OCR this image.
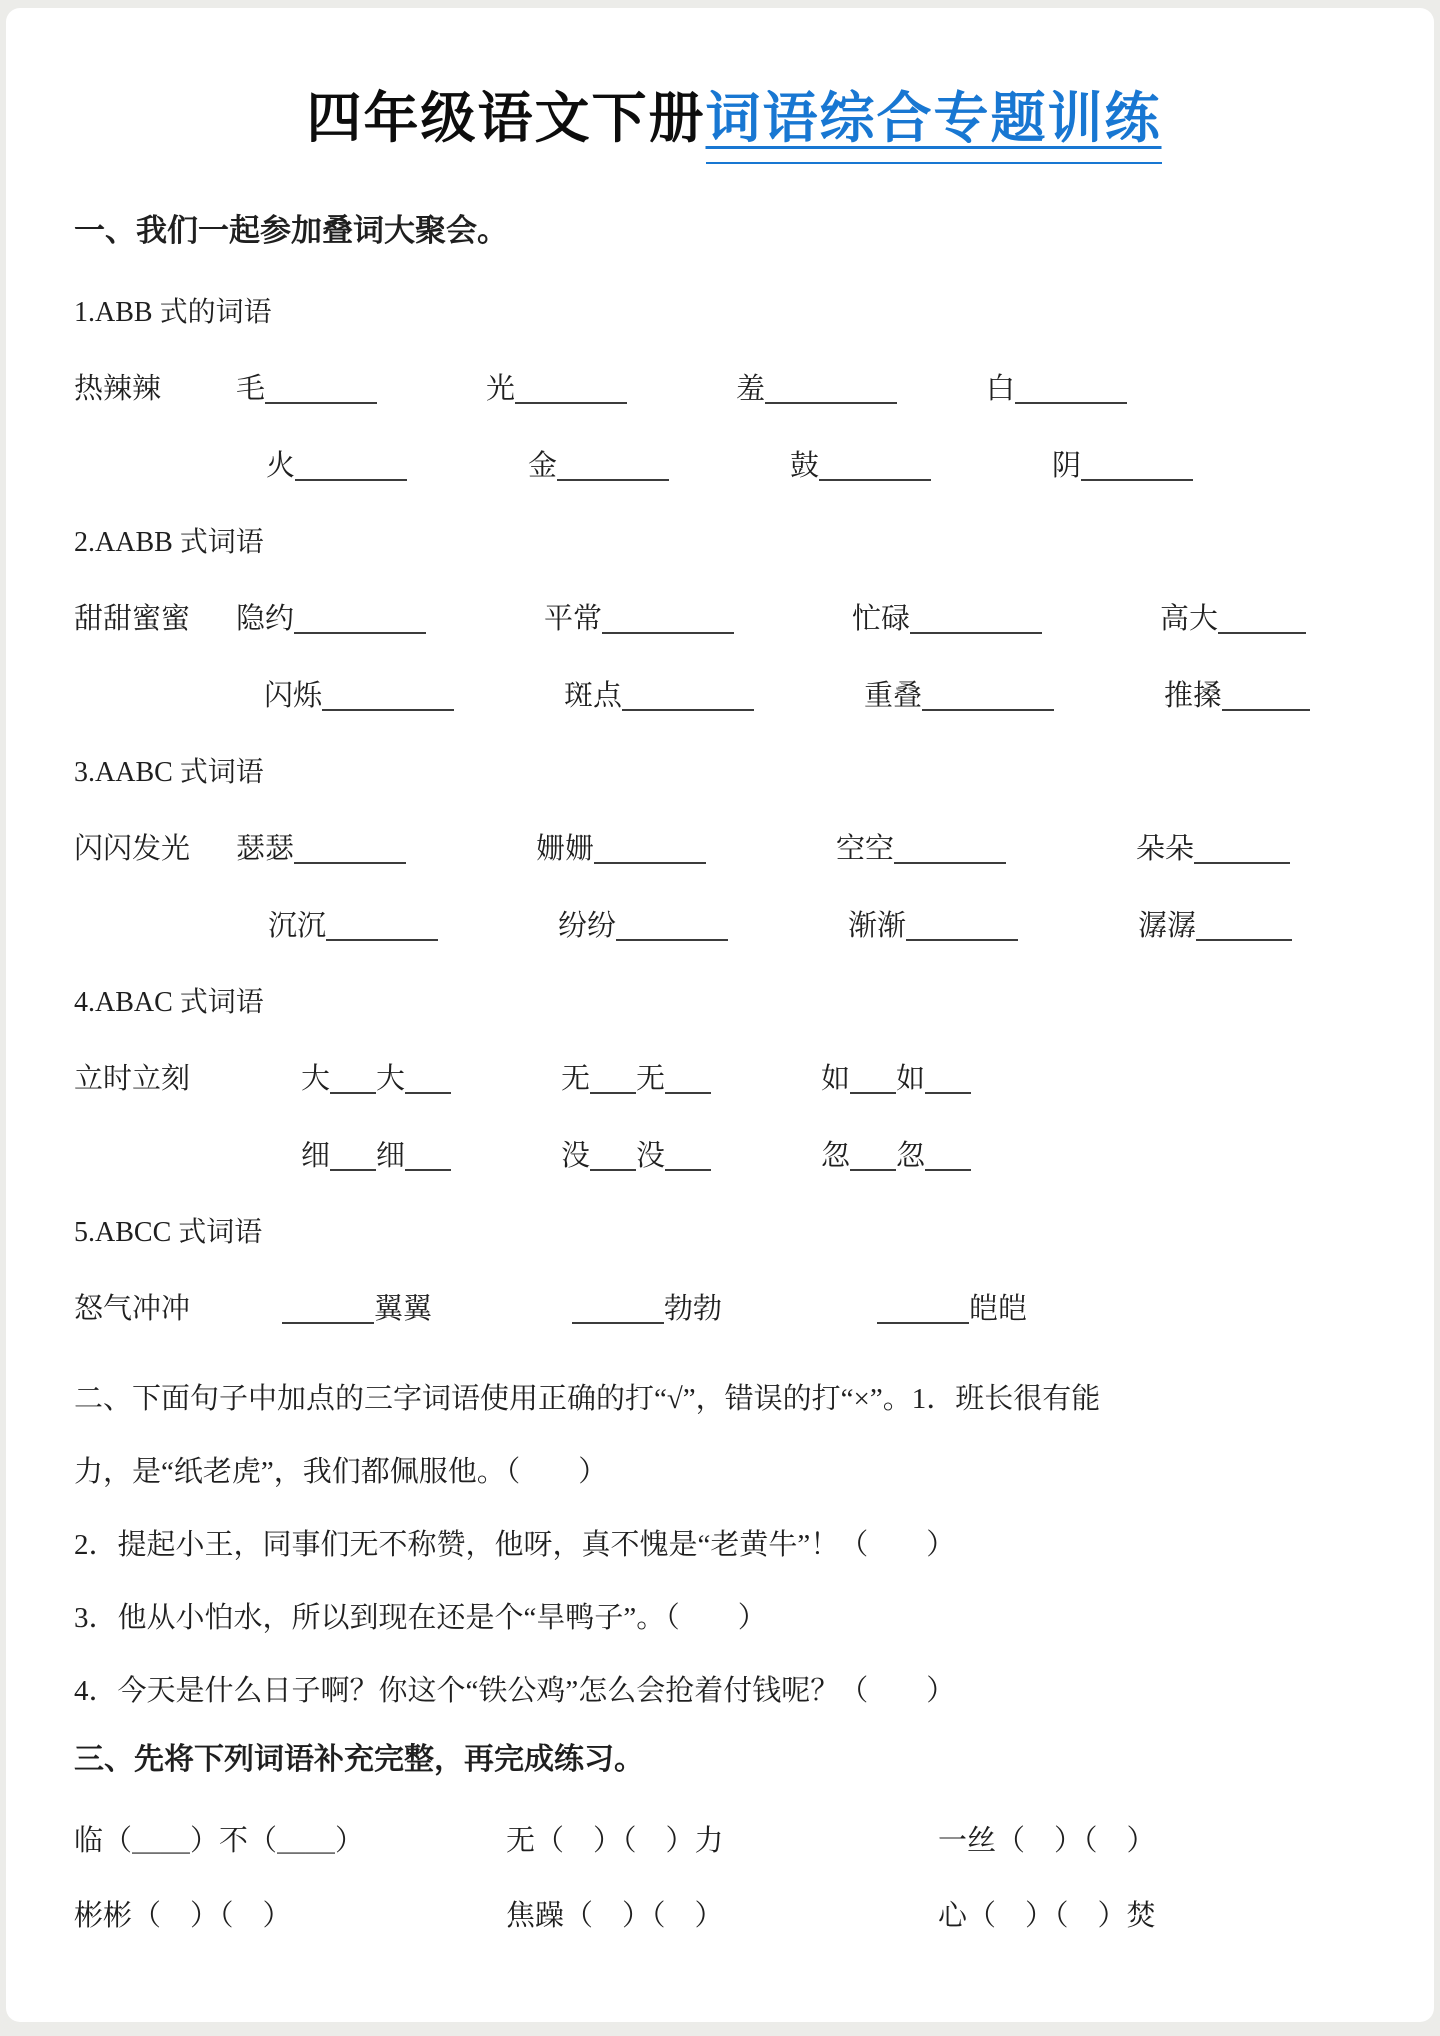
四年级语文下册词语综合专题训练
一、我们一起参加叠词大聚会。
1.ABB 式的词语
热辣辣	毛	光	羞	白
火	金	鼓	阴
2.AABB 式词语
甜甜蜜蜜	隐约	平常	忙碌	高大
闪烁	斑点	重叠	推搡
3.AABC 式词语
闪闪发光	瑟瑟	姗姗	空空	朵朵
沉沉	纷纷	渐渐	潺潺
4.ABAC 式词语
立时立刻	大 大	无 无	如 如
细 细	没 没	忽 忽
5.ABCC 式词语
怒气冲冲	翼翼	勃勃	皑皑

二、下面句子中加点的三字词语使用正确的打“√”，错误的打“×”。1．班长很有能

力，是“纸老虎”，我们都佩服他。（　　）

2．提起小王，同事们无不称赞，他呀，真不愧是“老黄牛”！（　　）

3．他从小怕水，所以到现在还是个“旱鸭子”。（　　）

4．今天是什么日子啊？你这个“铁公鸡”怎么会抢着付钱呢？（　　）

三、先将下列词语补充完整，再完成练习。
临（＿＿）不（＿＿）	无（　）（　）力	一丝（　）（　）
彬彬（　）（　）	焦躁（　）（　）	心（　）（　）焚
